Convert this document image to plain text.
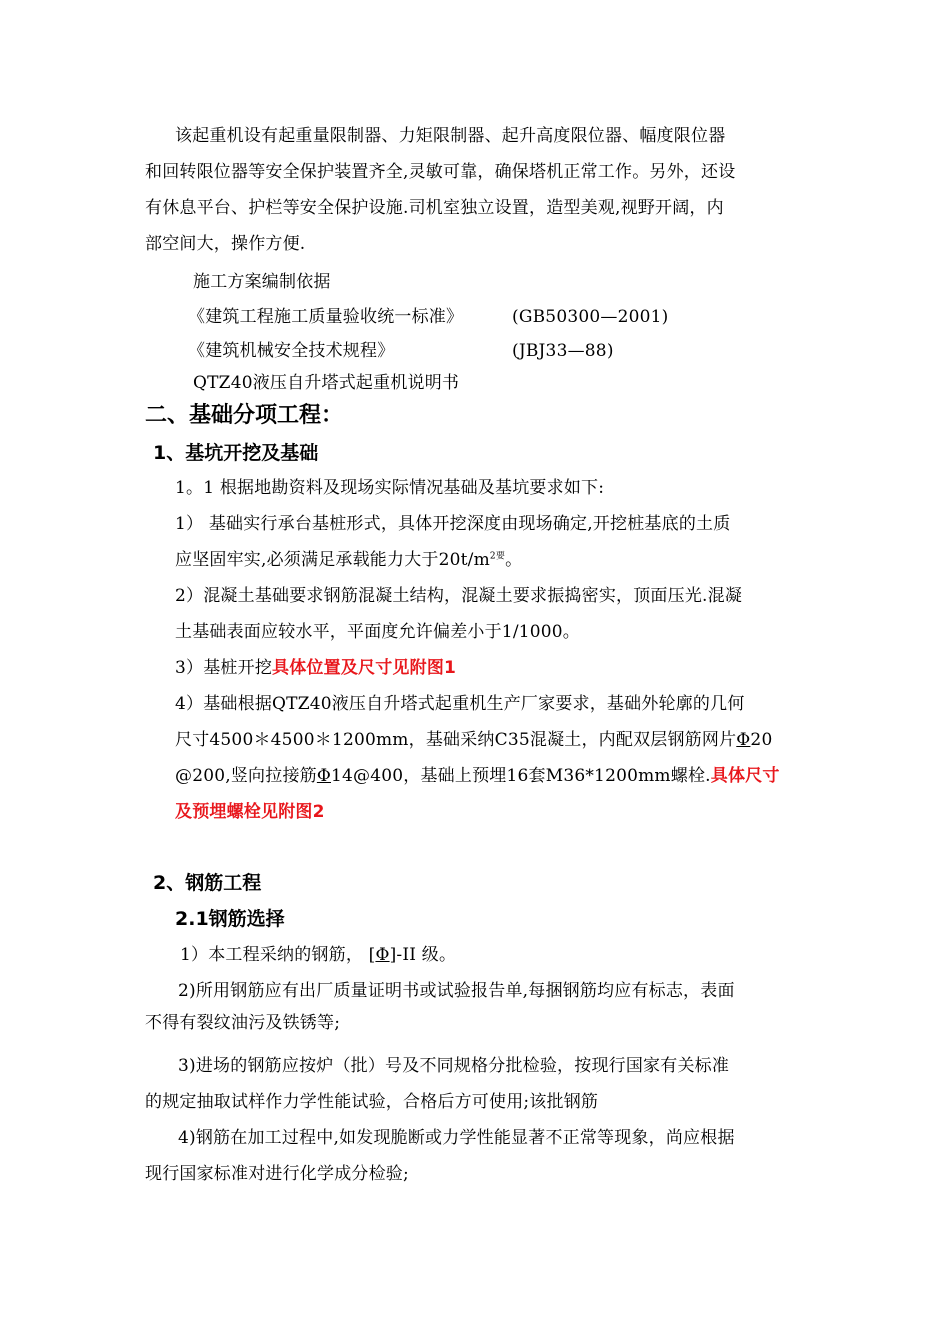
该起重机设有起重量限制器、力矩限制器、起升高度限位器、幅度限位器
和回转限位器等安全保护装置齐全,灵敏可靠，确保塔机正常工作。另外，还设
有休息平台、护栏等安全保护设施.司机室独立设置，造型美观,视野开阔，内
部空间大，操作方便.
施工方案编制依据
《建筑工程施工质量验收统一标准》	(GB50300—2001)
《建筑机械安全技术规程》	(JBJ33—88)
QTZ40液压自升塔式起重机说明书
二、基础分项工程：
1、基坑开挖及基础
1。1 根据地勘资料及现场实际情况基础及基坑要求如下:
1） 基础实行承台基桩形式，具体开挖深度由现场确定,开挖桩基底的土质
应坚固牢实,必须满足承载能力大于$20t/m^{2要}$。
2）混凝土基础要求钢筋混凝土结构，混凝土要求振捣密实，顶面压光.混凝
土基础表面应较水平，平面度允许偏差小于1/1000。
3）基桩开挖具体位置及尺寸见附图1
4）基础根据QTZ40液压自升塔式起重机生产厂家要求，基础外轮廓的几何
尺寸4500＊4500＊1200mm，基础采纳C35混凝土，内配双层钢筋网片Φ20
@200,竖向拉接筋Φ14@400，基础上预埋16套M36*1200mm螺栓.具体尺寸
及预埋螺栓见附图2
2、钢筋工程
2.1钢筋选择
1）本工程采纳的钢筋， [Φ]-II 级。
2)所用钢筋应有出厂质量证明书或试验报告单,每捆钢筋均应有标志，表面
不得有裂纹油污及铁锈等;
3)进场的钢筋应按炉（批）号及不同规格分批检验，按现行国家有关标准
的规定抽取试样作力学性能试验，合格后方可使用;该批钢筋
4)钢筋在加工过程中,如发现脆断或力学性能显著不正常等现象，尚应根据
现行国家标准对进行化学成分检验;
